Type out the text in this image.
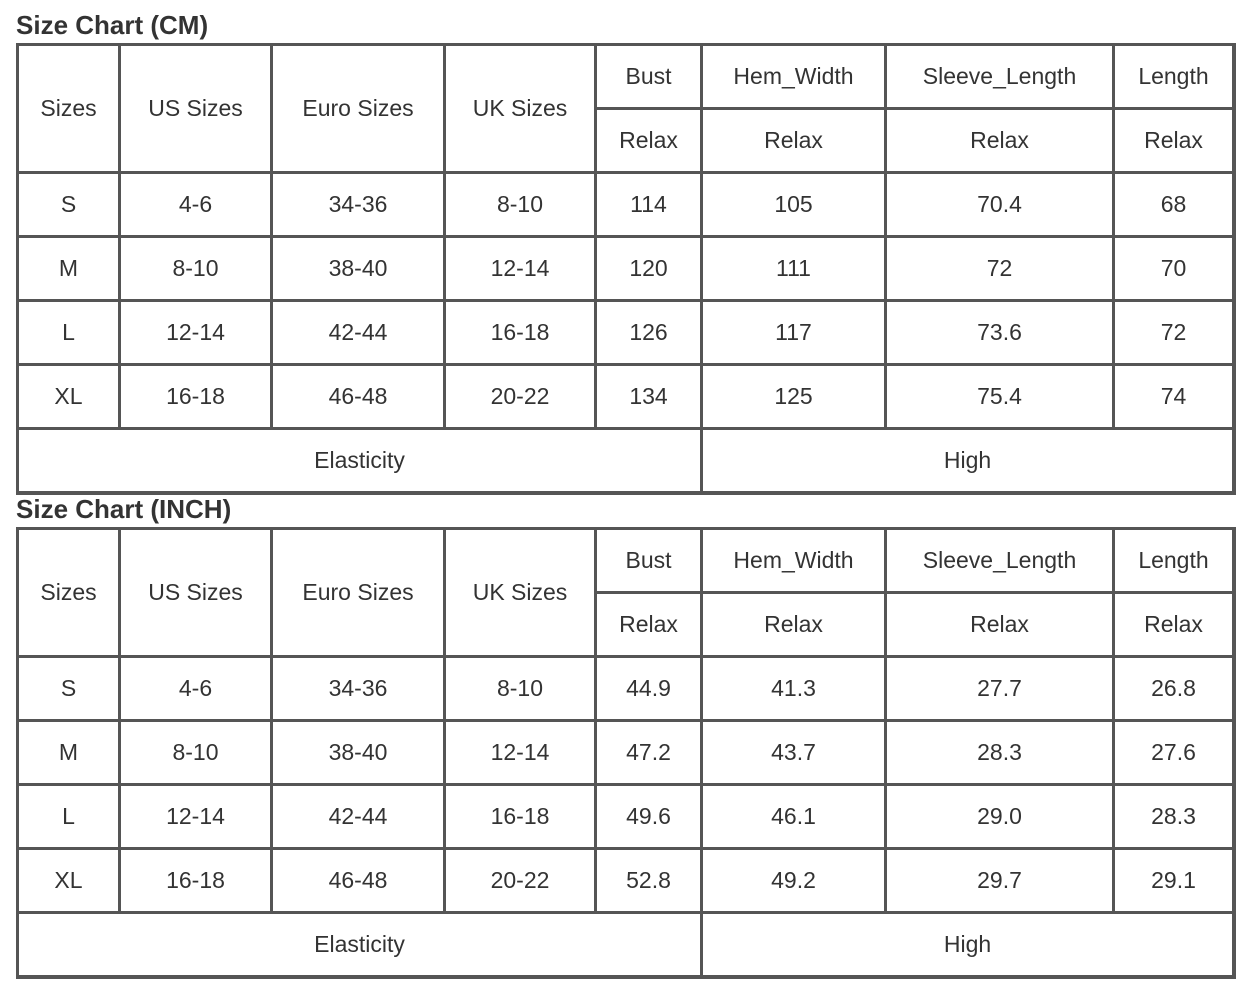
Size Chart (CM)
Sizes	US Sizes	Euro Sizes	UK Sizes	Bust	Hem_Width	Sleeve_Length	Length
				Relax	Relax	Relax	Relax
S	4-6	34-36	8-10	114	105	70.4	68
M	8-10	38-40	12-14	120	111	72	70
L	12-14	42-44	16-18	126	117	73.6	72
XL	16-18	46-48	20-22	134	125	75.4	74
Elasticity					High		
Size Chart (INCH)
Sizes	US Sizes	Euro Sizes	UK Sizes	Bust	Hem_Width	Sleeve_Length	Length
				Relax	Relax	Relax	Relax
S	4-6	34-36	8-10	44.9	41.3	27.7	26.8
M	8-10	38-40	12-14	47.2	43.7	28.3	27.6
L	12-14	42-44	16-18	49.6	46.1	29.0	28.3
XL	16-18	46-48	20-22	52.8	49.2	29.7	29.1
Elasticity					High		
